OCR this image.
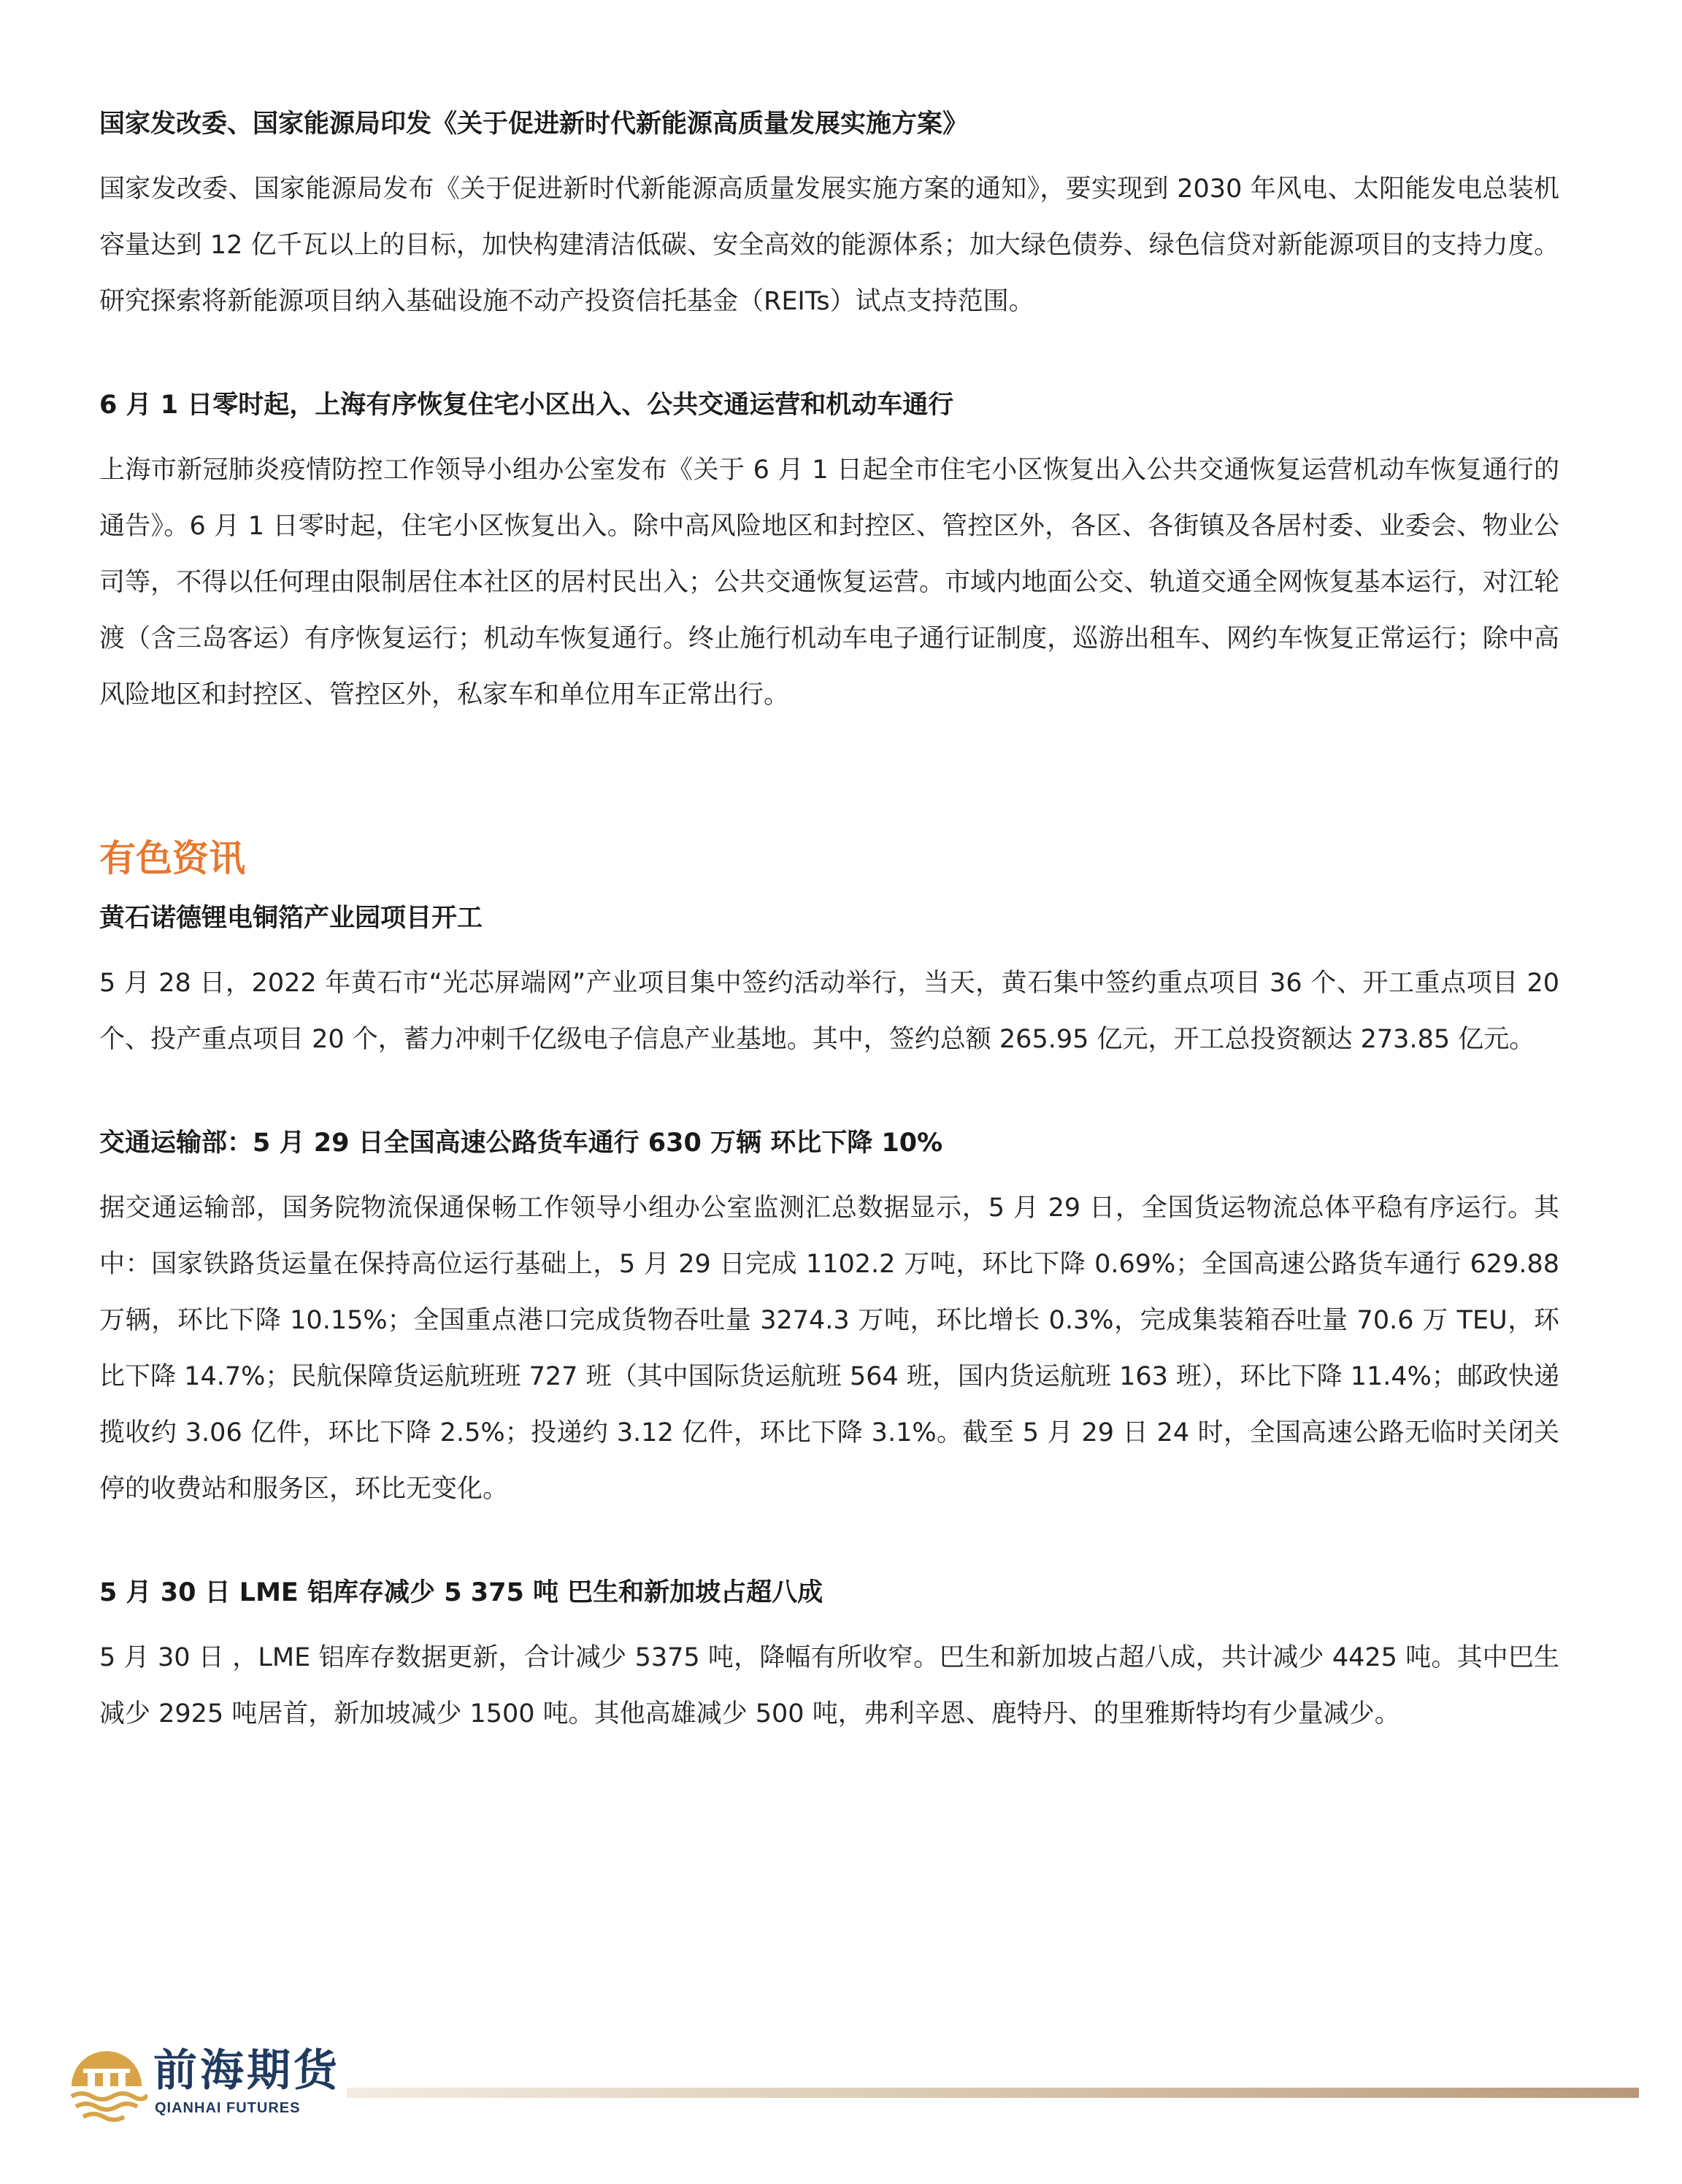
国家发改委、国家能源局印发《关于促进新时代新能源高质量发展实施方案》

国家发改委、国家能源局发布《关于促进新时代新能源高质量发展实施方案的通知》，要实现到 2030 年风电、太阳能发电总装机容量达到 12 亿千瓦以上的目标，加快构建清洁低碳、安全高效的能源体系；加大绿色债券、绿色信贷对新能源项目的支持力度。研究探索将新能源项目纳入基础设施不动产投资信托基金（REITs）试点支持范围。

6 月 1 日零时起，上海有序恢复住宅小区出入、公共交通运营和机动车通行

上海市新冠肺炎疫情防控工作领导小组办公室发布《关于 6 月 1 日起全市住宅小区恢复出入公共交通恢复运营机动车恢复通行的通告》。6 月 1 日零时起，住宅小区恢复出入。除中高风险地区和封控区、管控区外，各区、各街镇及各居村委、业委会、物业公司等，不得以任何理由限制居住本社区的居村民出入；公共交通恢复运营。市域内地面公交、轨道交通全网恢复基本运行，对江轮渡（含三岛客运）有序恢复运行；机动车恢复通行。终止施行机动车电子通行证制度，巡游出租车、网约车恢复正常运行；除中高风险地区和封控区、管控区外，私家车和单位用车正常出行。

有色资讯
黄石诺德锂电铜箔产业园项目开工

5 月 28 日，2022 年黄石市“光芯屏端网”产业项目集中签约活动举行，当天，黄石集中签约重点项目 36 个、开工重点项目 20 个、投产重点项目 20 个，蓄力冲刺千亿级电子信息产业基地。其中，签约总额 265.95 亿元，开工总投资额达 273.85 亿元。

交通运输部：5 月 29 日全国高速公路货车通行 630 万辆 环比下降 10%

据交通运输部，国务院物流保通保畅工作领导小组办公室监测汇总数据显示，5 月 29 日，全国货运物流总体平稳有序运行。其中：国家铁路货运量在保持高位运行基础上，5 月 29 日完成 1102.2 万吨，环比下降 0.69%；全国高速公路货车通行 629.88 万辆，环比下降 10.15%；全国重点港口完成货物吞吐量 3274.3 万吨，环比增长 0.3%，完成集装箱吞吐量 70.6 万 TEU，环比下降 14.7%；民航保障货运航班班 727 班（其中国际货运航班 564 班，国内货运航班 163 班），环比下降 11.4%；邮政快递揽收约 3.06 亿件，环比下降 2.5%；投递约 3.12 亿件，环比下降 3.1%。截至 5 月 29 日 24 时，全国高速公路无临时关闭关停的收费站和服务区，环比无变化。

5 月 30 日 LME 铝库存减少 5 375 吨 巴生和新加坡占超八成

5 月 30 日 ，LME 铝库存数据更新，合计减少 5375 吨，降幅有所收窄。巴生和新加坡占超八成，共计减少 4425 吨。其中巴生减少 2925 吨居首，新加坡减少 1500 吨。其他高雄减少 500 吨，弗利辛恩、鹿特丹、的里雅斯特均有少量减少。

前海期货
QIANHAI FUTURES
